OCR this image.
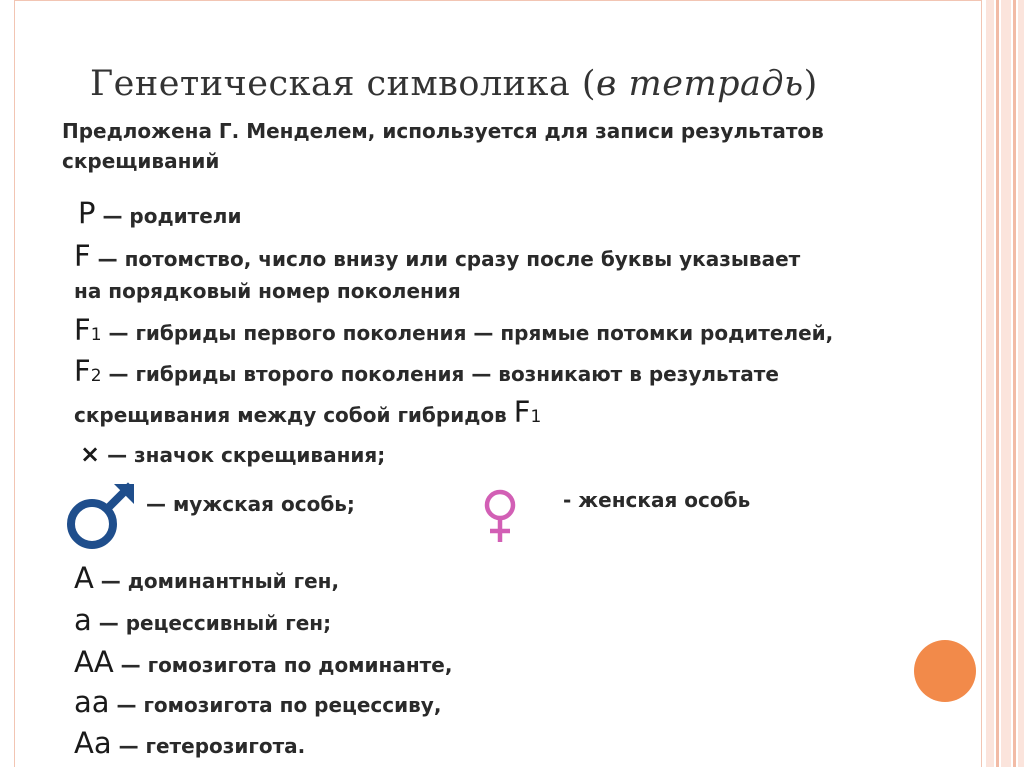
Генетическая символика (в тетрадь)

Предложена Г. Менделем, используется для записи результатов скрещиваний

Р — родители

F — потомство, число внизу или сразу после буквы указывает

на порядковый номер поколения

F1 — гибриды первого поколения — прямые потомки родителей,

F2 — гибриды второго поколения — возникают в результате

скрещивания между собой гибридов F1

× — значок скрещивания;

— мужская особь;	- женская особь

А — доминантный ген,

а — рецессивный ген;

АА — гомозигота по доминанте,

аа — гомозигота по рецессиву,

Аа — гетерозигота.
